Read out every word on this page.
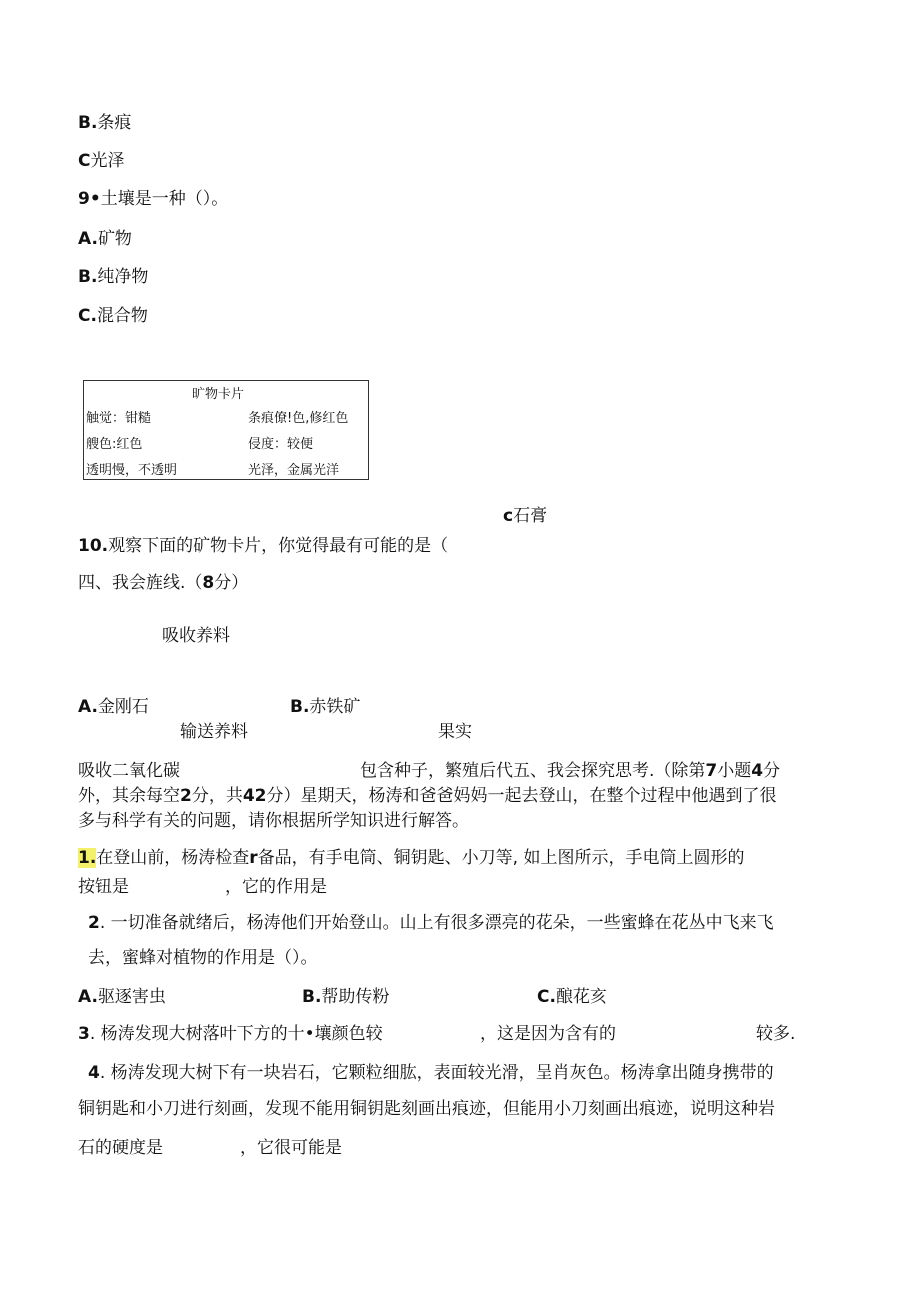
B.条痕
C光泽
9•土壤是一种（）。
A.矿物
B.纯净物
C.混合物
旷物卡片
触觉：钳糙	条痕僚!色,修红色
艘色:红色	侵度：较便
透明慢，不透明	光泽，金属光洋
c石膏
10.观察下面的矿物卡片，你觉得最有可能的是（
四、我会旌线.（8分）
吸收养料
A.金刚石	B.赤铁矿
输送养料	果实
吸收二氧化碳	包含种子，繁殖后代五、我会探究思考.（除第7小题4分
外，其余每空2分，共42分）星期天，杨涛和爸爸妈妈一起去登山，在整个过程中他遇到了很
多与科学有关的问题，请你根据所学知识进行解答。
1.在登山前，杨涛检查r备品，有手电筒、铜钥匙、小刀等, 如上图所示，手电筒上圆形的
按钮是	，它的作用是
2. 一切准备就绪后，杨涛他们开始登山。山上有很多漂亮的花朵，一些蜜蜂在花丛中飞来飞
去，蜜蜂对植物的作用是（）。
A.驱逐害虫	B.帮助传粉	C.酿花亥
3. 杨涛发现大树落叶下方的十•壤颜色较	，这是因为含有的	较多.
4. 杨涛发现大树下有一块岩石，它颗粒细肱，表面较光滑，呈肖灰色。杨涛拿出随身携带的
铜钥匙和小刀进行刻画，发现不能用铜钥匙刻画出痕迹，但能用小刀刻画出痕迹，说明这种岩
石的硬度是	，它很可能是
